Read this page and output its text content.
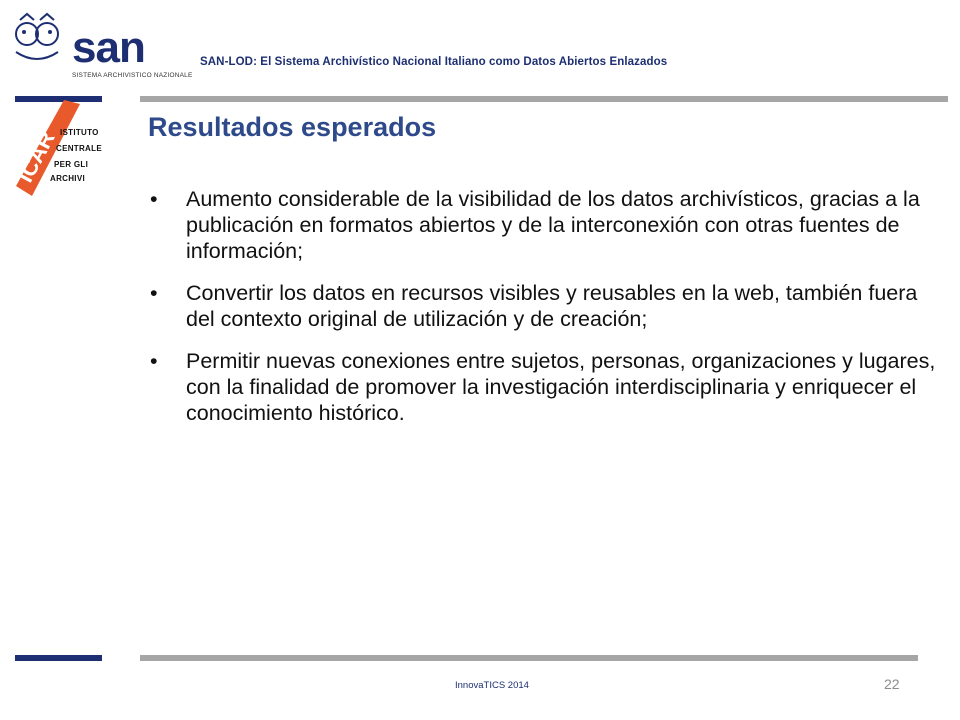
san
SISTEMA ARCHIVISTICO NAZIONALE
SAN-LOD: El Sistema Archivístico Nacional Italiano como Datos Abiertos Enlazados
ICAR ISTITUTO
CENTRALE
PER GLI
ARCHIVI
Resultados esperados
• Aumento considerable de la visibilidad de los datos archivísticos, gracias a la publicación en formatos abiertos y de la interconexión con otras fuentes de información;
• Convertir los datos en recursos visibles y reusables en la web, también fuera del contexto original de utilización y de creación;
• Permitir nuevas conexiones entre sujetos, personas, organizaciones y lugares, con la finalidad de promover la investigación interdisciplinaria y enriquecer el conocimiento histórico.
InnovaTICS 2014	22
